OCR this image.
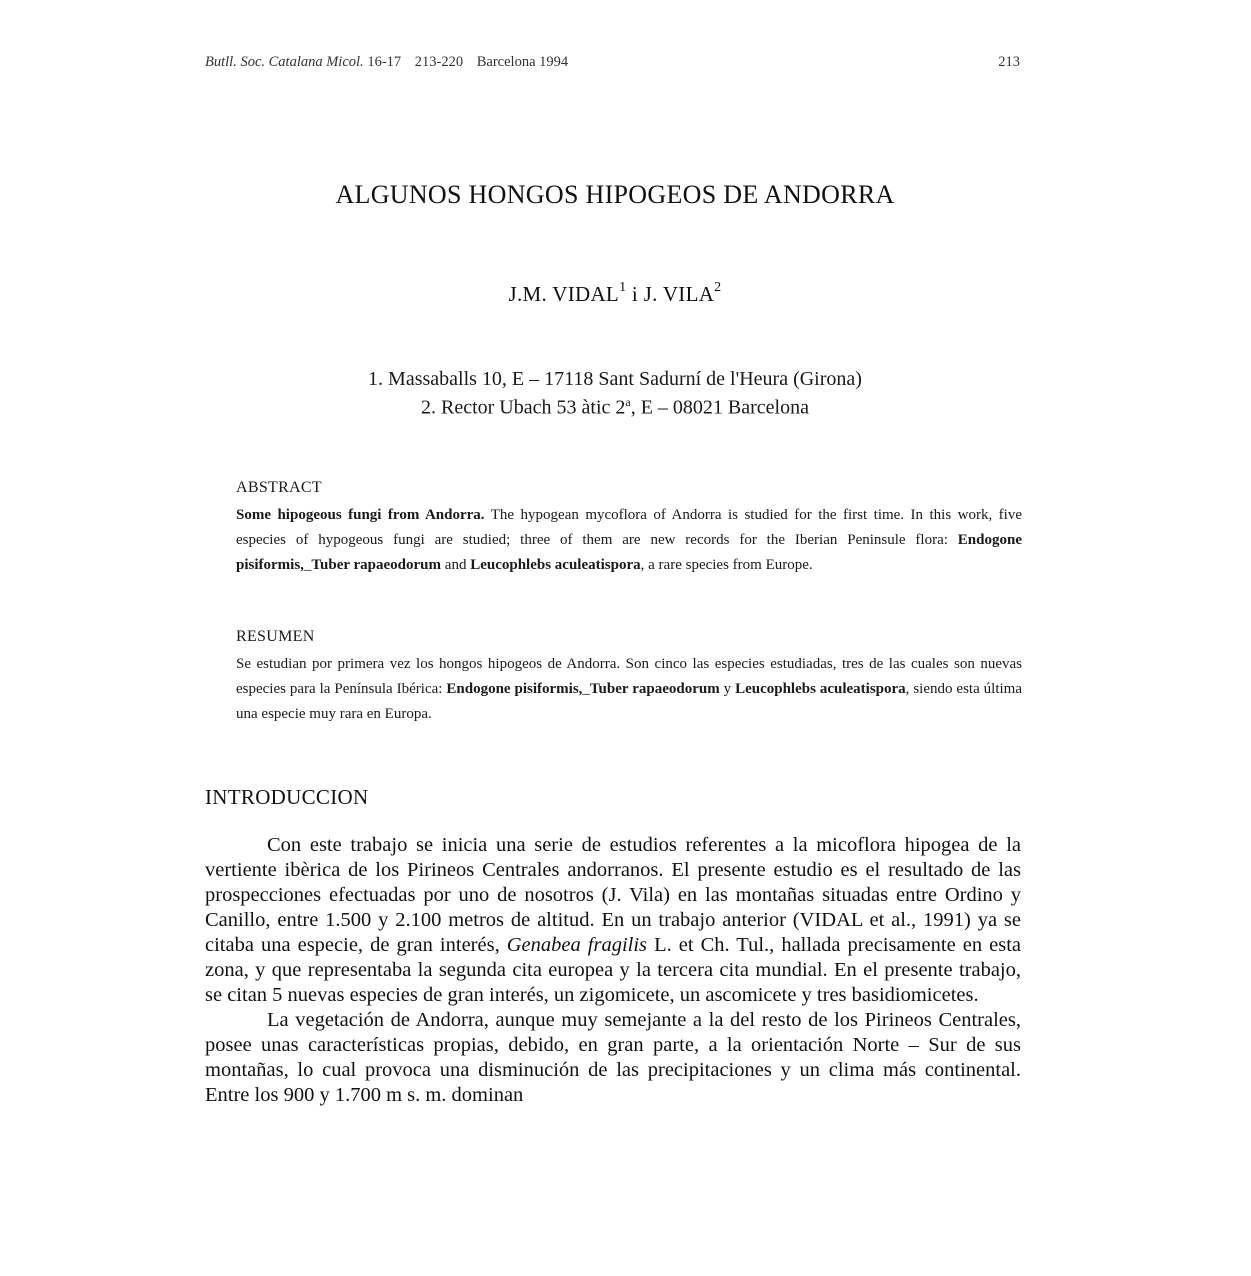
Butll. Soc. Catalana Micol. 16-17 213-220 Barcelona 1994	213
ALGUNOS HONGOS HIPOGEOS DE ANDORRA
J.M. VIDAL$^1$ i J. VILA$^2$
1. Massaballs 10, E – 17118 Sant Sadurní de l'Heura (Girona)
2. Rector Ubach 53 àtic 2$^a$, E – 08021 Barcelona
ABSTRACT
Some hipogeous fungi from Andorra. The hypogean mycoflora of Andorra is studied for the first time. In this work, five especies of hypogeous fungi are studied; three of them are new records for the Iberian Peninsule flora: Endogone pisiformis,_Tuber rapaeodorum and Leucophlebs aculeatispora, a rare species from Europe.
RESUMEN
Se estudian por primera vez los hongos hipogeos de Andorra. Son cinco las especies estudiadas, tres de las cuales son nuevas especies para la Península Ibérica: Endogone pisiformis,_Tuber rapaeodorum y Leucophlebs aculeatispora, siendo esta última una especie muy rara en Europa.
INTRODUCCION

Con este trabajo se inicia una serie de estudios referentes a la micoflora hipogea de la vertiente ibèrica de los Pirineos Centrales andorranos. El presente estudio es el resultado de las prospecciones efectuadas por uno de nosotros (J. Vila) en las montañas situadas entre Ordino y Canillo, entre 1.500 y 2.100 metros de altitud. En un trabajo anterior (VIDAL et al., 1991) ya se citaba una especie, de gran interés, Genabea fragilis L. et Ch. Tul., hallada precisamente en esta zona, y que representaba la segunda cita europea y la tercera cita mundial. En el presente trabajo, se citan 5 nuevas especies de gran interés, un zigomicete, un ascomicete y tres basidiomicetes.

La vegetación de Andorra, aunque muy semejante a la del resto de los Pirineos Centrales, posee unas características propias, debido, en gran parte, a la orientación Norte – Sur de sus montañas, lo cual provoca una disminución de las precipitaciones y un clima más continental. Entre los 900 y 1.700 m s. m. dominan
